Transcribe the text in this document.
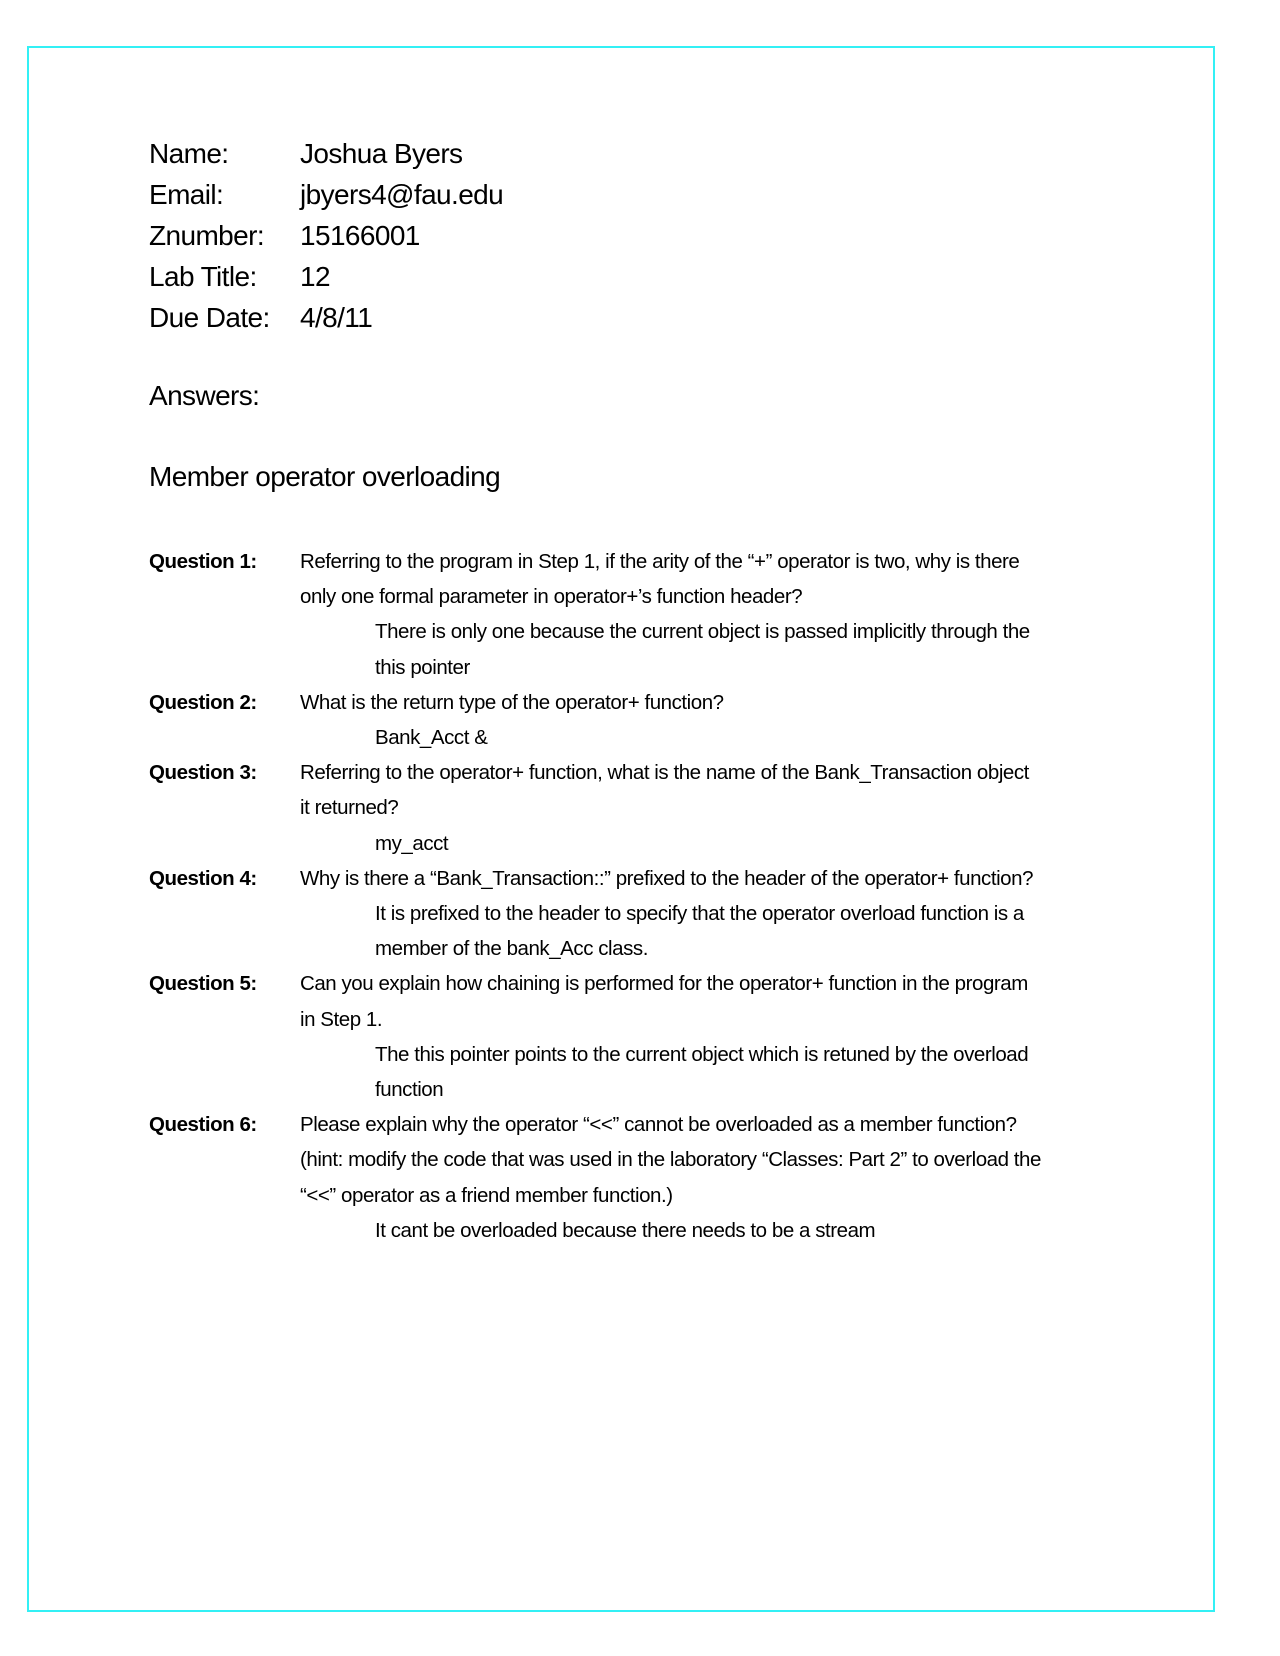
Name:	Joshua Byers
Email:	jbyers4@fau.edu
Znumber:	15166001
Lab Title:	12
Due Date:	4/8/11
Answers:
Member operator overloading
Question 1:	Referring to the program in Step 1, if the arity of the “+” operator is two, why is there
only one formal parameter in operator+’s function header?
There is only one because the current object is passed implicitly through the
this pointer
Question 2:	What is the return type of the operator+ function?
Bank_Acct &
Question 3:	Referring to the operator+ function, what is the name of the Bank_Transaction object
it returned?
my_acct
Question 4:	Why is there a “Bank_Transaction::” prefixed to the header of the operator+ function?
It is prefixed to the header to specify that the operator overload function is a
member of the bank_Acc class.
Question 5:	Can you explain how chaining is performed for the operator+ function in the program
in Step 1.
The this pointer points to the current object which is retuned by the overload
function
Question 6:	Please explain why the operator “<<” cannot be overloaded as a member function?
(hint: modify the code that was used in the laboratory “Classes: Part 2” to overload the
“<<” operator as a friend member function.)
It cant be overloaded because there needs to be a stream
